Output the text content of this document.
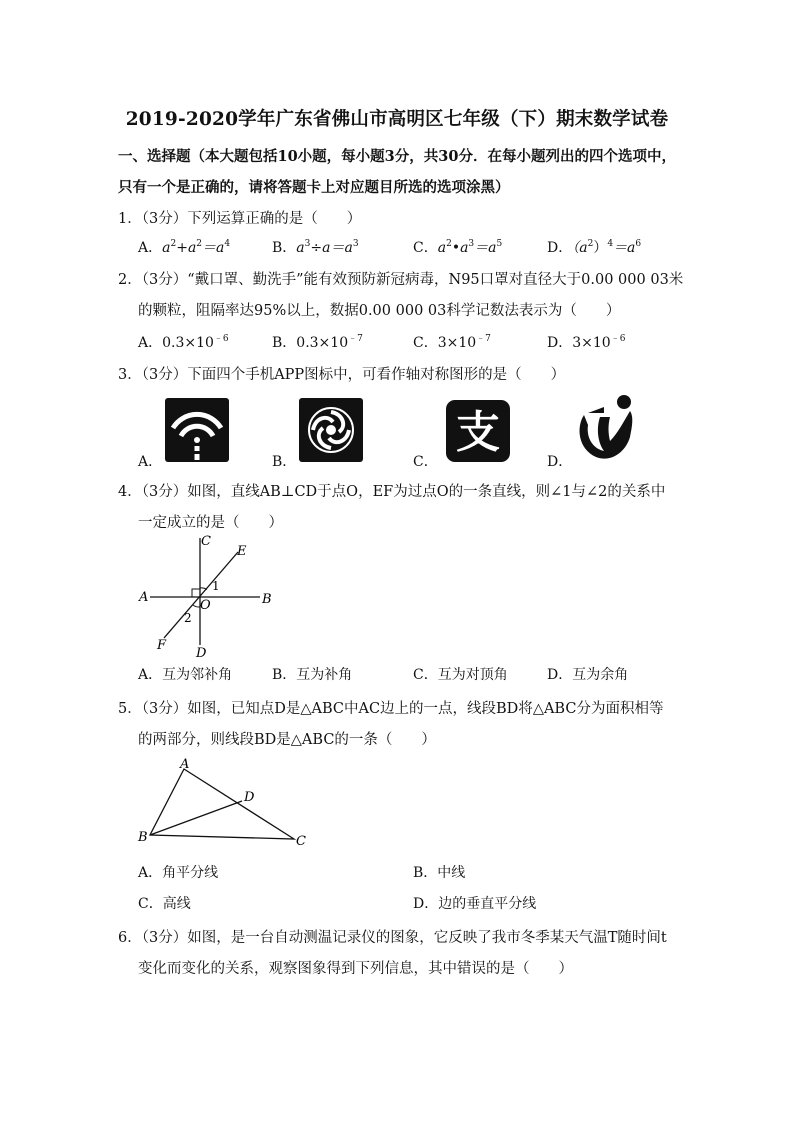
2019-2020学年广东省佛山市高明区七年级（下）期末数学试卷
一、选择题（本大题包括10小题，每小题3分，共30分．在每小题列出的四个选项中，
只有一个是正确的，请将答题卡上对应题目所选的选项涂黑）
1．（3分）下列运算正确的是（　　）
A．$a^2+a^2=a^4$	B．$a^3\div a=a^3$	C．$a^2•a^3=a^5$	D．$(a^2)^4=a^6$
2．（3分）“戴口罩、勤洗手”能有效预防新冠病毒，N95口罩对直径大于0.00 000 03米
的颗粒，阻隔率达95%以上，数据0.00 000 03科学记数法表示为（　　）
A．$0.3\times 10^{﹣6}$	B．$0.3\times 10^{﹣7}$	C．$3\times 10^{﹣7}$	D．$3\times 10^{﹣6}$
3．（3分）下面四个手机APP图标中，可看作轴对称图形的是（　　）
A．	B．
支
C．	D．
4．（3分）如图，直线AB⊥CD于点O，EF为过点O的一条直线，则∠1与∠2的关系中
一定成立的是（　　）
C
E
A	B
O
1
2
F
D
A．互为邻补角	B．互为补角	C．互为对顶角	D．互为余角
5．（3分）如图，已知点D是△ABC中AC边上的一点，线段BD将△ABC分为面积相等
的两部分，则线段BD是△ABC的一条（　　）
A
B	C
D
A．角平分线	B．中线
C．高线	D．边的垂直平分线
6．（3分）如图，是一台自动测温记录仪的图象，它反映了我市冬季某天气温T随时间t
变化而变化的关系，观察图象得到下列信息，其中错误的是（　　）
